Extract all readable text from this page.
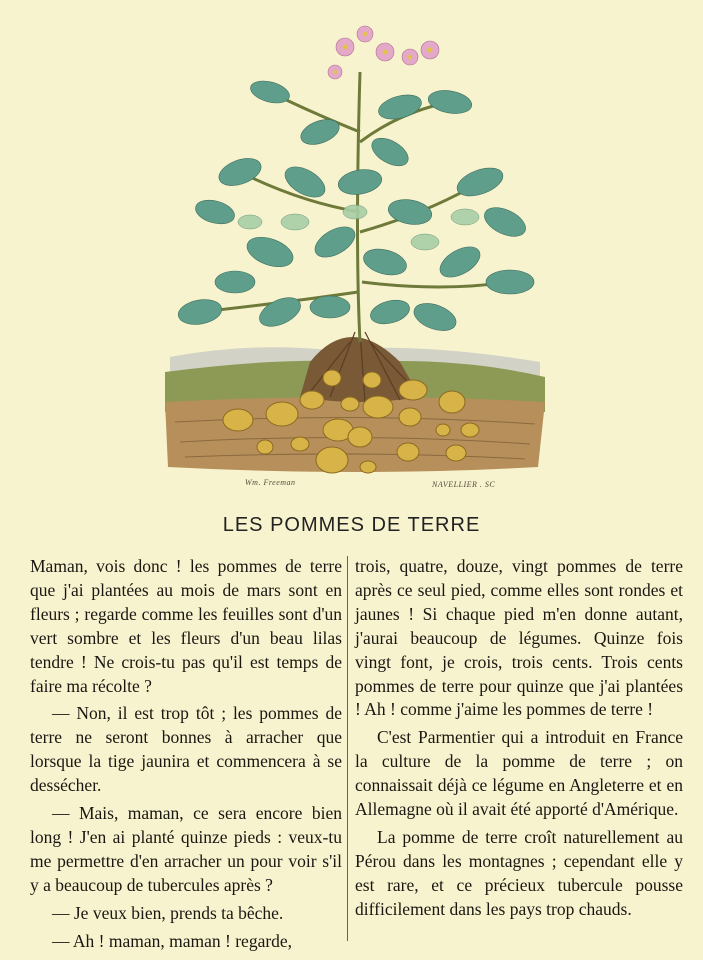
Wm. Freeman	NAVELLIER . SC
LES POMMES DE TERRE

Maman, vois donc ! les pommes de terre que j'ai plantées au mois de mars sont en fleurs ; regarde comme les feuilles sont d'un vert sombre et les fleurs d'un beau lilas tendre ! Ne crois-tu pas qu'il est temps de faire ma récolte ?

— Non, il est trop tôt ; les pommes de terre ne seront bonnes à arracher que lorsque la tige jaunira et commencera à se dessécher.

— Mais, maman, ce sera encore bien long ! J'en ai planté quinze pieds : veux-tu me permettre d'en arracher un pour voir s'il y a beaucoup de tubercules après ?

— Je veux bien, prends ta bêche.

— Ah ! maman, maman ! regarde,

trois, quatre, douze, vingt pommes de terre après ce seul pied, comme elles sont rondes et jaunes ! Si chaque pied m'en donne autant, j'aurai beaucoup de légumes. Quinze fois vingt font, je crois, trois cents. Trois cents pommes de terre pour quinze que j'ai plantées ! Ah ! comme j'aime les pommes de terre !

C'est Parmentier qui a introduit en France la culture de la pomme de terre ; on connaissait déjà ce légume en Angleterre et en Allemagne où il avait été apporté d'Amérique.

La pomme de terre croît naturellement au Pérou dans les montagnes ; cependant elle y est rare, et ce précieux tubercule pousse difficilement dans les pays trop chauds.
